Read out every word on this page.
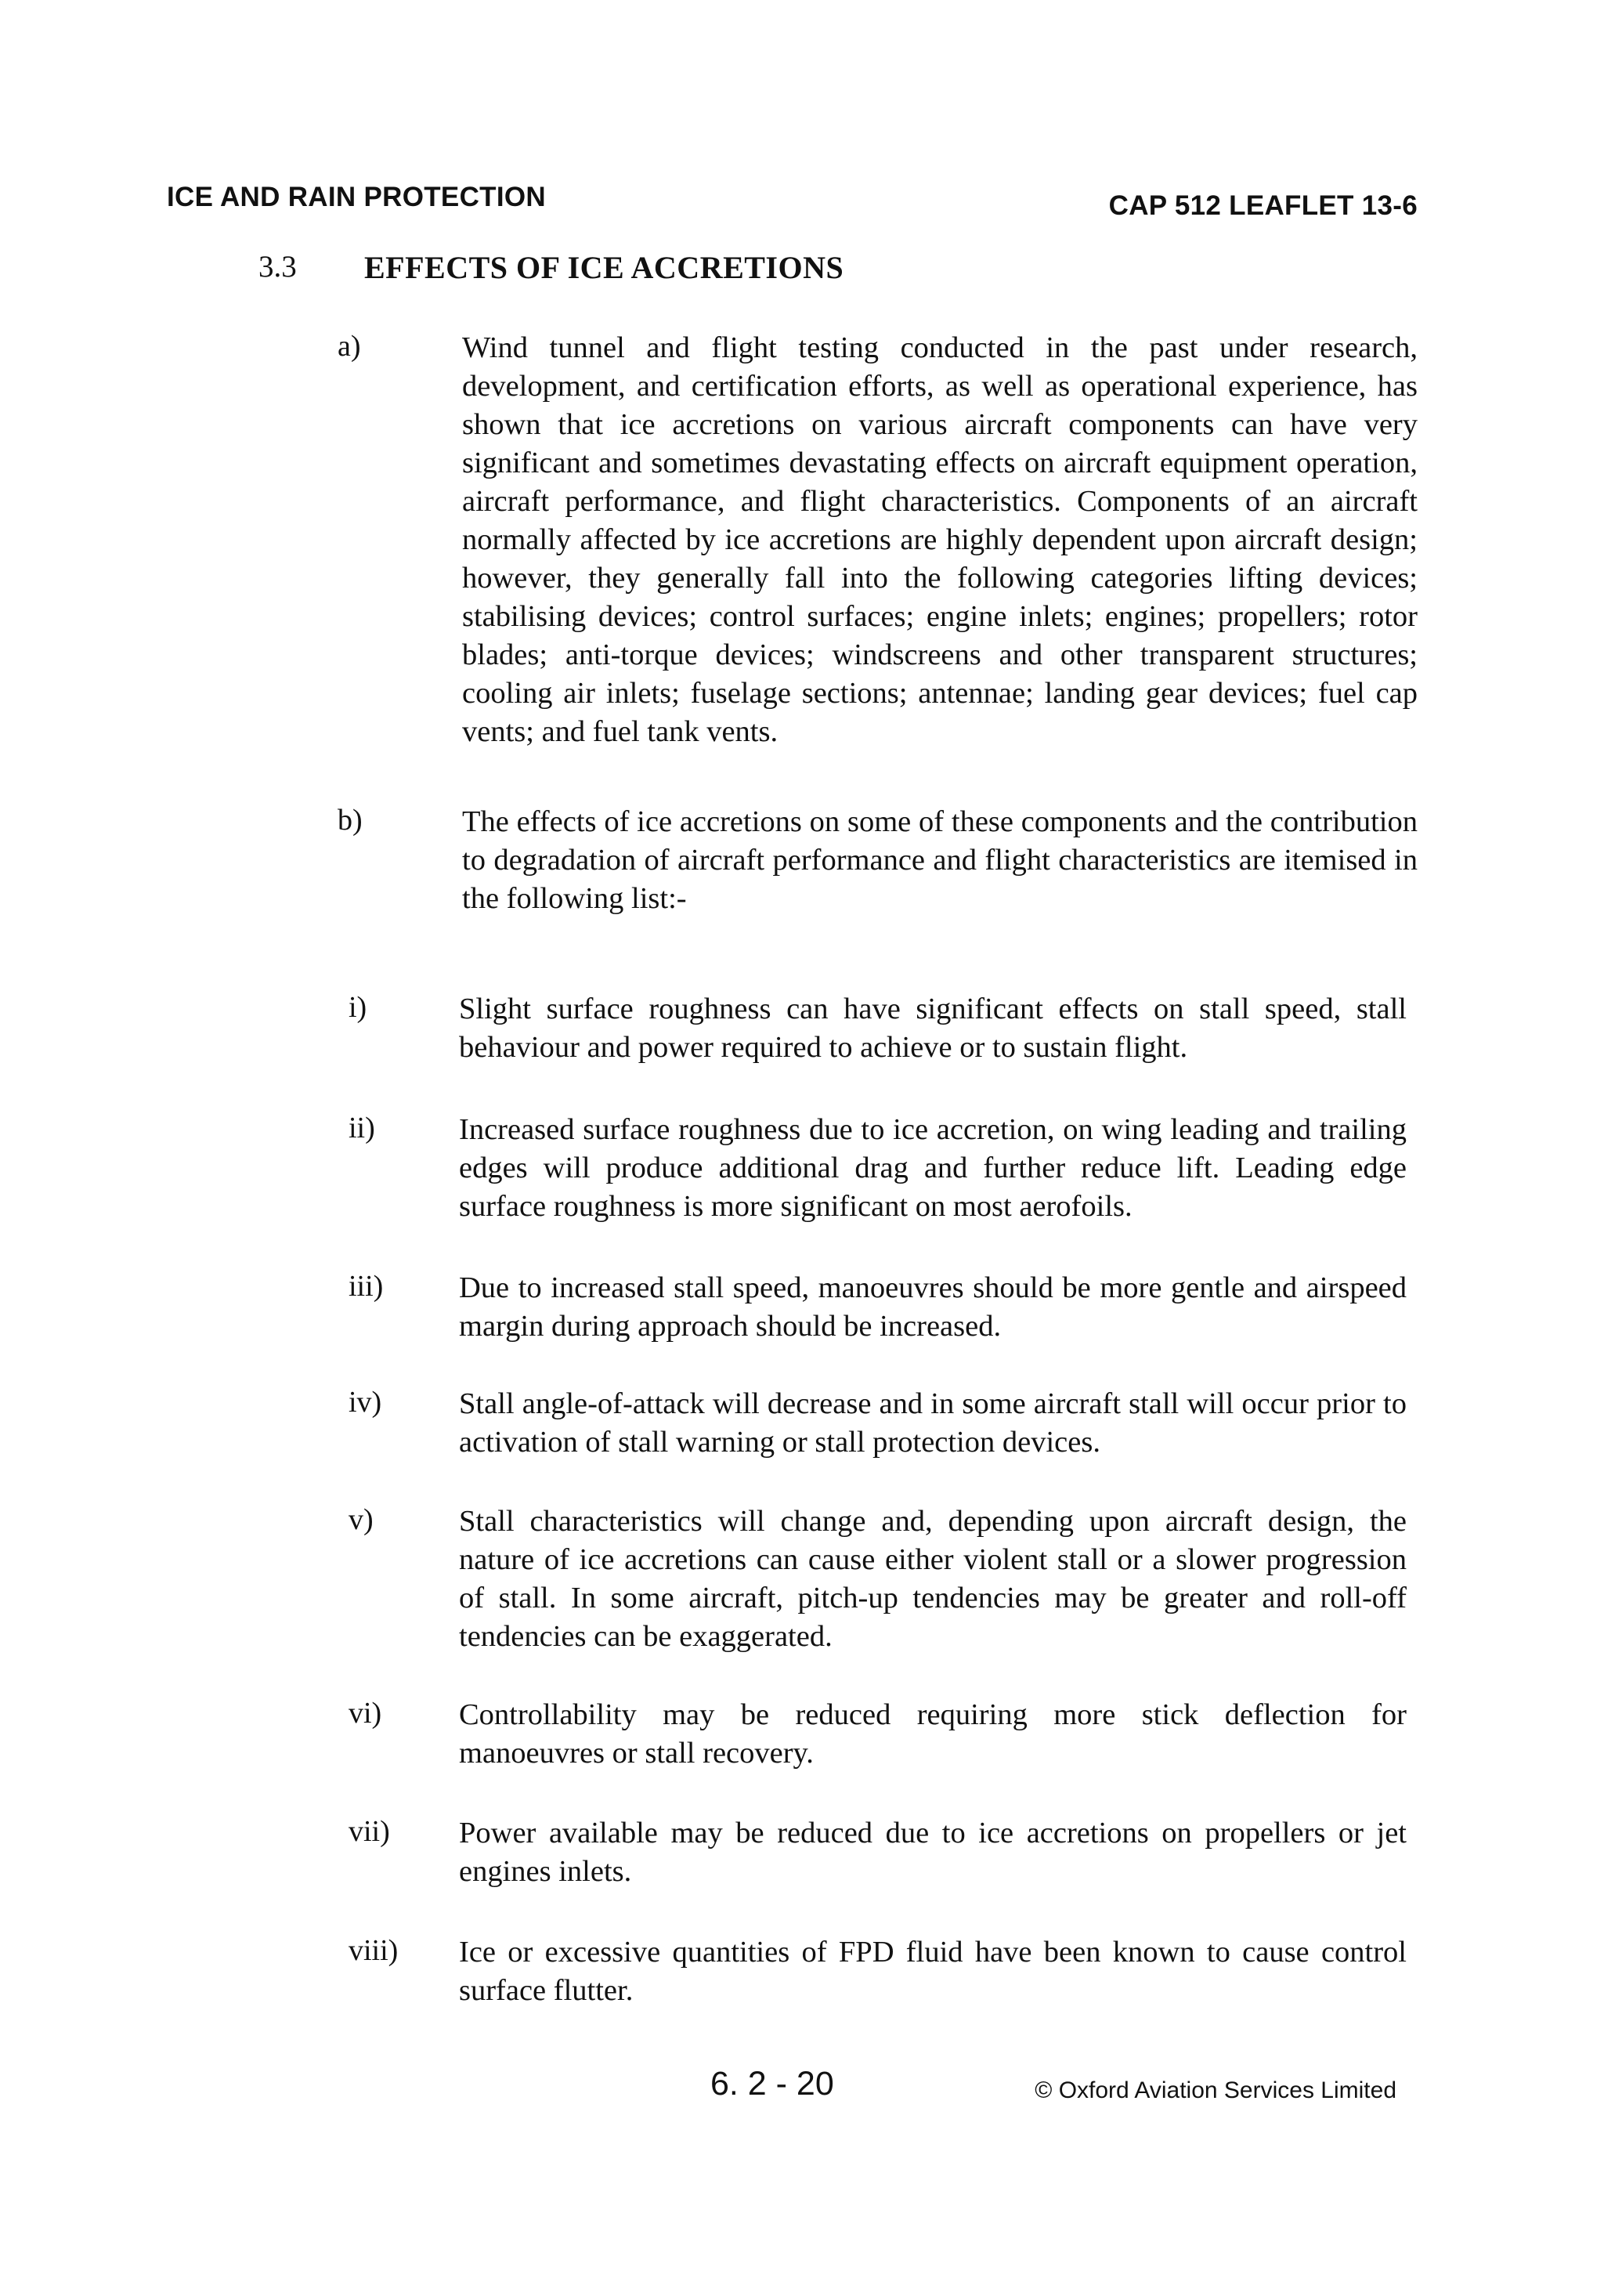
ICE AND RAIN PROTECTION	CAP 512 LEAFLET 13-6
3.3 EFFECTS OF ICE ACCRETIONS
a)	Wind tunnel and flight testing conducted in the past under research, development, and certification efforts, as well as operational experience, has shown that ice accretions on various aircraft components can have very significant and sometimes devastating effects on aircraft equipment operation, aircraft performance, and flight characteristics. Components of an aircraft normally affected by ice accretions are highly dependent upon aircraft design; however, they generally fall into the following categories lifting devices; stabilising devices; control surfaces; engine inlets; engines; propellers; rotor blades; anti-torque devices; windscreens and other transparent structures; cooling air inlets; fuselage sections; antennae; landing gear devices; fuel cap vents; and fuel tank vents.
b)	The effects of ice accretions on some of these components and the contribution to degradation of aircraft performance and flight characteristics are itemised in the following list:-
i)	Slight surface roughness can have significant effects on stall speed, stall behaviour and power required to achieve or to sustain flight.
ii)	Increased surface roughness due to ice accretion, on wing leading and trailing edges will produce additional drag and further reduce lift. Leading edge surface roughness is more significant on most aerofoils.
iii)	Due to increased stall speed, manoeuvres should be more gentle and airspeed margin during approach should be increased.
iv)	Stall angle-of-attack will decrease and in some aircraft stall will occur prior to activation of stall warning or stall protection devices.
v)	Stall characteristics will change and, depending upon aircraft design, the nature of ice accretions can cause either violent stall or a slower progression of stall. In some aircraft, pitch-up tendencies may be greater and roll-off tendencies can be exaggerated.
vi)	Controllability may be reduced requiring more stick deflection for manoeuvres or stall recovery.
vii) Power available may be reduced due to ice accretions on propellers or jet engines inlets.
viii) Ice or excessive quantities of FPD fluid have been known to cause control surface flutter.
6. 2 - 20	© Oxford Aviation Services Limited
